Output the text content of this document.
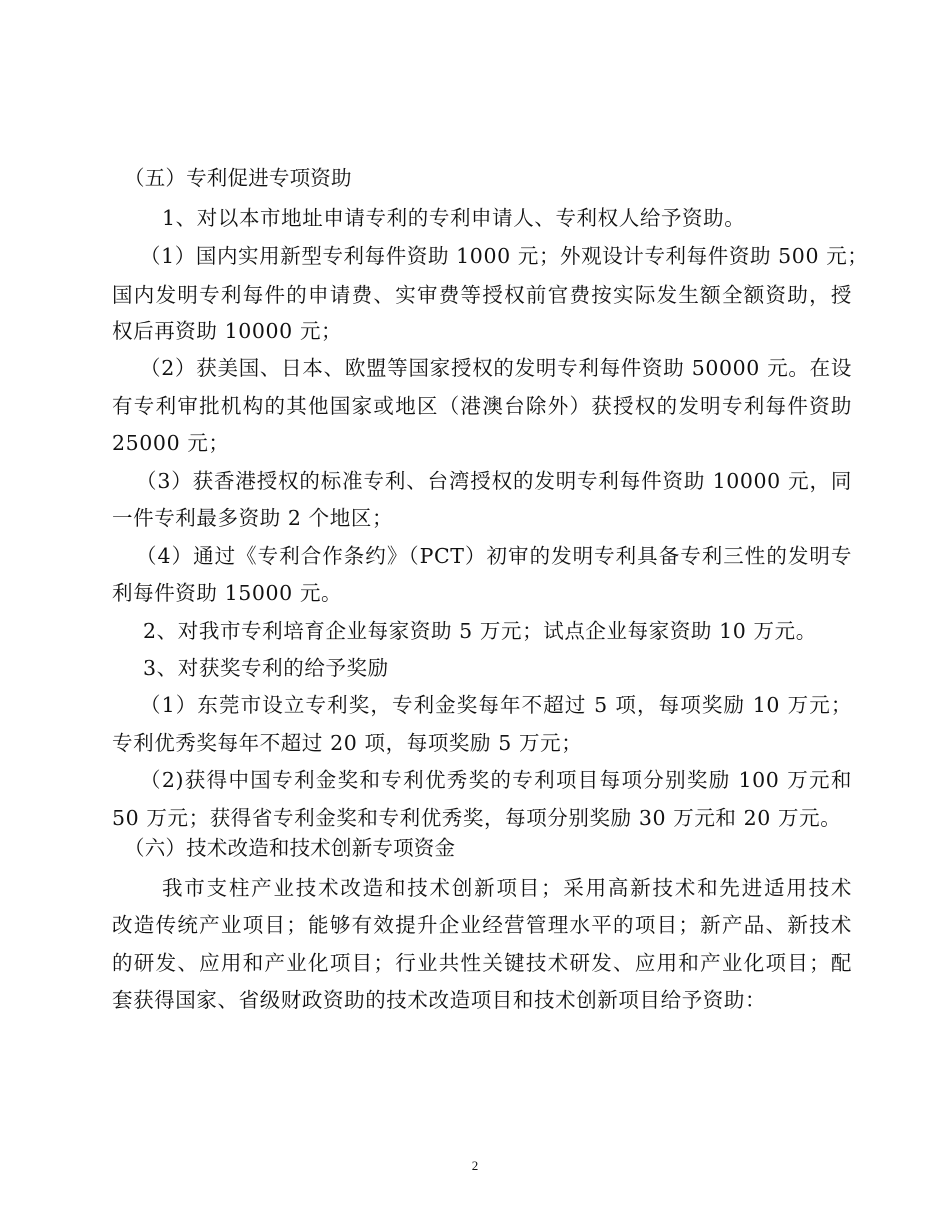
（五）专利促进专项资助
1、对以本市地址申请专利的专利申请人、专利权人给予资助。
（1）国内实用新型专利每件资助 1000 元；外观设计专利每件资助 500 元；
国内发明专利每件的申请费、实审费等授权前官费按实际发生额全额资助，授
权后再资助 10000 元；
（2）获美国、日本、欧盟等国家授权的发明专利每件资助 50000 元。在设
有专利审批机构的其他国家或地区（港澳台除外）获授权的发明专利每件资助
25000 元；
（3）获香港授权的标准专利、台湾授权的发明专利每件资助 10000 元，同
一件专利最多资助 2 个地区；
（4）通过《专利合作条约》（PCT）初审的发明专利具备专利三性的发明专
利每件资助 15000 元。
2、对我市专利培育企业每家资助 5 万元；试点企业每家资助 10 万元。
3、对获奖专利的给予奖励
（1）东莞市设立专利奖，专利金奖每年不超过 5 项，每项奖励 10 万元；
专利优秀奖每年不超过 20 项，每项奖励 5 万元；
（2)获得中国专利金奖和专利优秀奖的专利项目每项分别奖励 100 万元和
50 万元；获得省专利金奖和专利优秀奖，每项分别奖励 30 万元和 20 万元。
（六）技术改造和技术创新专项资金
我市支柱产业技术改造和技术创新项目；采用高新技术和先进适用技术
改造传统产业项目；能够有效提升企业经营管理水平的项目；新产品、新技术
的研发、应用和产业化项目；行业共性关键技术研发、应用和产业化项目；配
套获得国家、省级财政资助的技术改造项目和技术创新项目给予资助：
2
